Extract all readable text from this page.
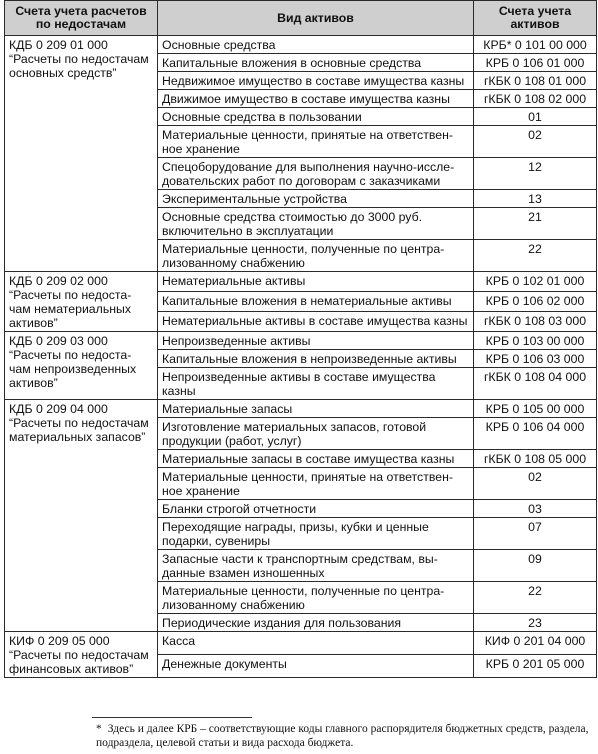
Счета учета расчетов по недостачам	Вид активов	Счета учета активов

КДБ 0 209 01 000
“Расчеты по недостачам основных средств”	Основные средства	КРБ* 0 101 00 000
	Капитальные вложения в основные средства	КРБ 0 106 01 000
	Недвижимое имущество в составе имущества казны	гКБК 0 108 01 000
	Движимое имущество в составе имущества казны	гКБК 0 108 02 000
	Основные средства в пользовании	01
	Материальные ценности, принятые на ответствен-ное хранение	02
	Спецоборудование для выполнения научно-иссле-довательских работ по договорам с заказчиками	12
	Экспериментальные устройства	13
	Основные средства стоимостью до 3000 руб. включительно в эксплуатации	21
	Материальные ценности, полученные по центра-лизованному снабжению	22

КДБ 0 209 02 000
“Расчеты по недоста-чам нематериальных активов”	Нематериальные активы	КРБ 0 102 01 000
	Капитальные вложения в нематериальные активы	КРБ 0 106 02 000
	Нематериальные активы в составе имущества казны	гКБК 0 108 03 000

КДБ 0 209 03 000
“Расчеты по недоста-чам непроизведенных активов”	Непроизведенные активы	КРБ 0 103 00 000
	Капитальные вложения в непроизведенные активы	КРБ 0 106 03 000
	Непроизведенные активы в составе имущества казны	гКБК 0 108 04 000

КДБ 0 209 04 000
“Расчеты по недостачам материальных запасов”	Материальные запасы	КРБ 0 105 00 000
	Изготовление материальных запасов, готовой продукции (работ, услуг)	КРБ 0 106 04 000
	Материальные запасы в составе имущества казны	гКБК 0 108 05 000
	Материальные ценности, принятые на ответствен-ное хранение	02
	Бланки строгой отчетности	03
	Переходящие награды, призы, кубки и ценные подарки, сувениры	07
	Запасные части к транспортным средствам, вы-данные взамен изношенных	09
	Материальные ценности, полученные по центра-лизованному снабжению	22
	Периодические издания для пользования	23

КИФ 0 209 05 000
“Расчеты по недостачам финансовых активов”	Касса	КИФ 0 201 04 000
	Денежные документы	КРБ 0 201 05 000
* Здесь и далее КРБ – соответствующие коды главного распорядителя бюджетных средств, раздела, подраздела, целевой статьи и вида расхода бюджета.
